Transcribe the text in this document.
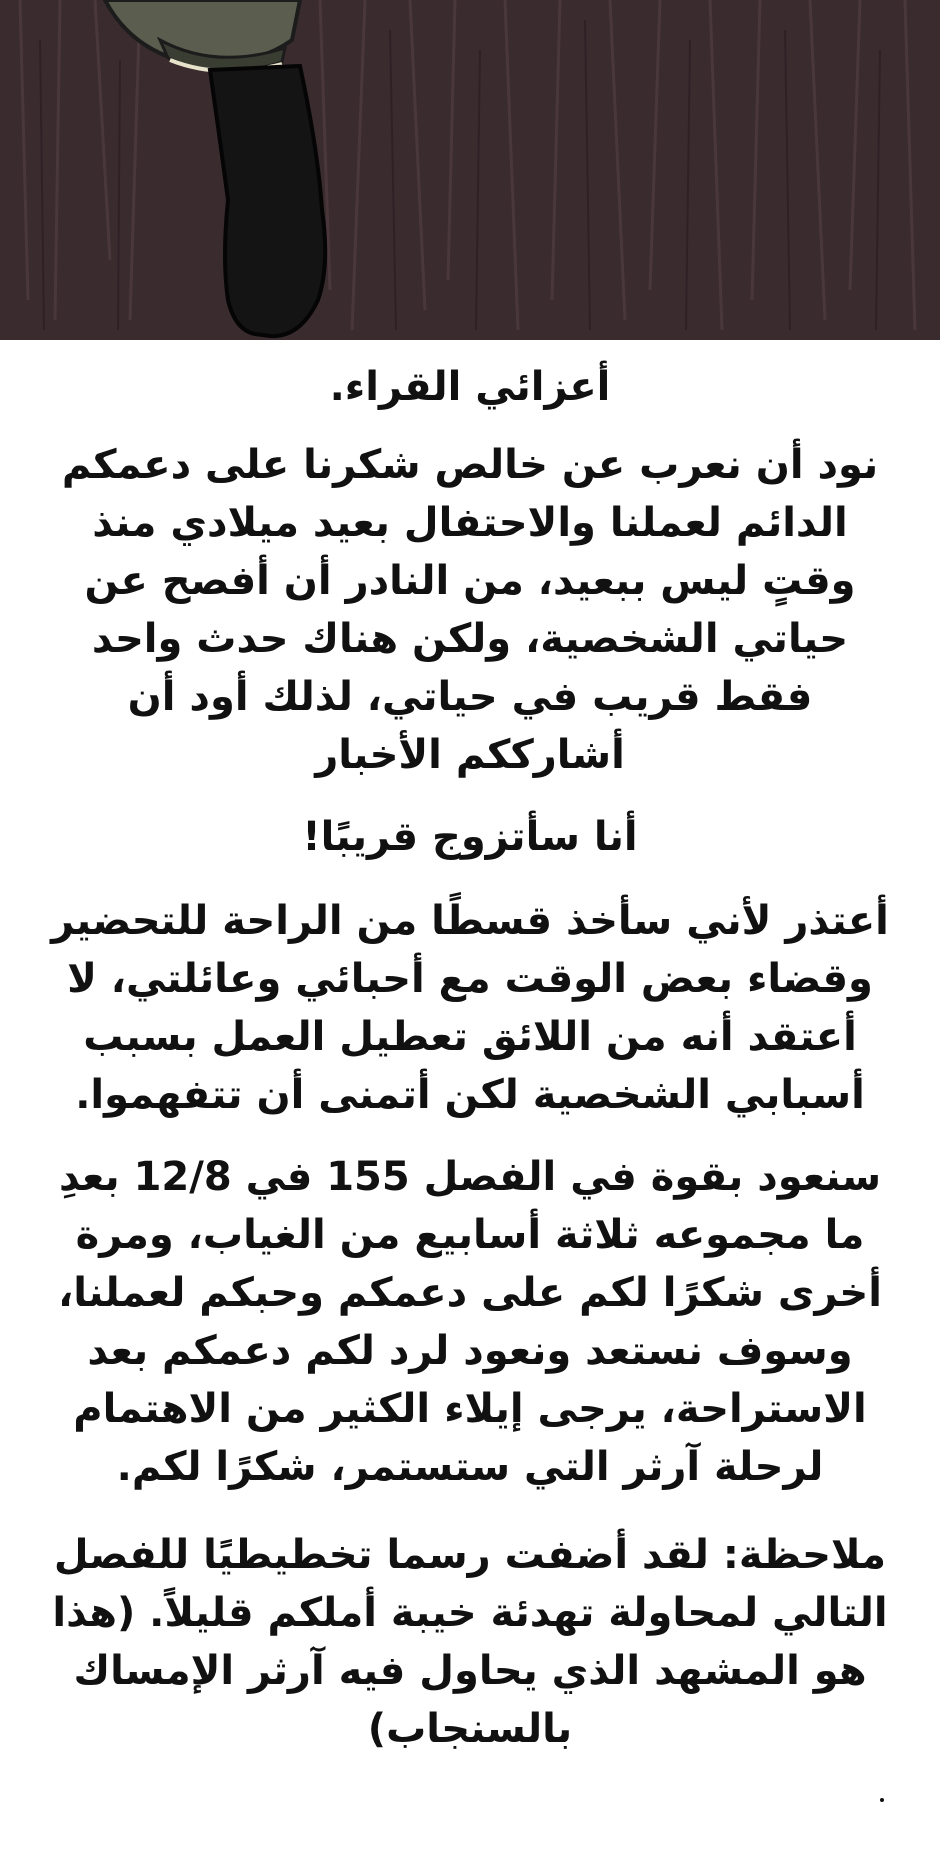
أعزائي القراء.

نود أن نعرب عن خالص شكرنا على دعمكم الدائم لعملنا والاحتفال بعيد ميلادي منذ وقتٍ ليس ببعيد، من النادر أن أفصح عن حياتي الشخصية، ولكن هناك حدث واحد فقط قريب في حياتي، لذلك أود أن أشارككم الأخبار

أنا سأتزوج قريبًا!

أعتذر لأني سأخذ قسطًا من الراحة للتحضير وقضاء بعض الوقت مع أحبائي وعائلتي، لا أعتقد أنه من اللائق تعطيل العمل بسبب أسبابي الشخصية لكن أتمنى أن تتفهموا.

سنعود بقوة في الفصل 155 في 12/8 بعدِ ما مجموعه ثلاثة أسابيع من الغياب، ومرة أخرى شكرًا لكم على دعمكم وحبكم لعملنا، وسوف نستعد ونعود لرد لكم دعمكم بعد الاستراحة، يرجى إيلاء الكثير من الاهتمام لرحلة آرثر التي ستستمر، شكرًا لكم.

ملاحظة: لقد أضفت رسما تخطيطيًا للفصل التالي لمحاولة تهدئة خيبة أملكم قليلاً. (هذا هو المشهد الذي يحاول فيه آرثر الإمساك بالسنجاب)
